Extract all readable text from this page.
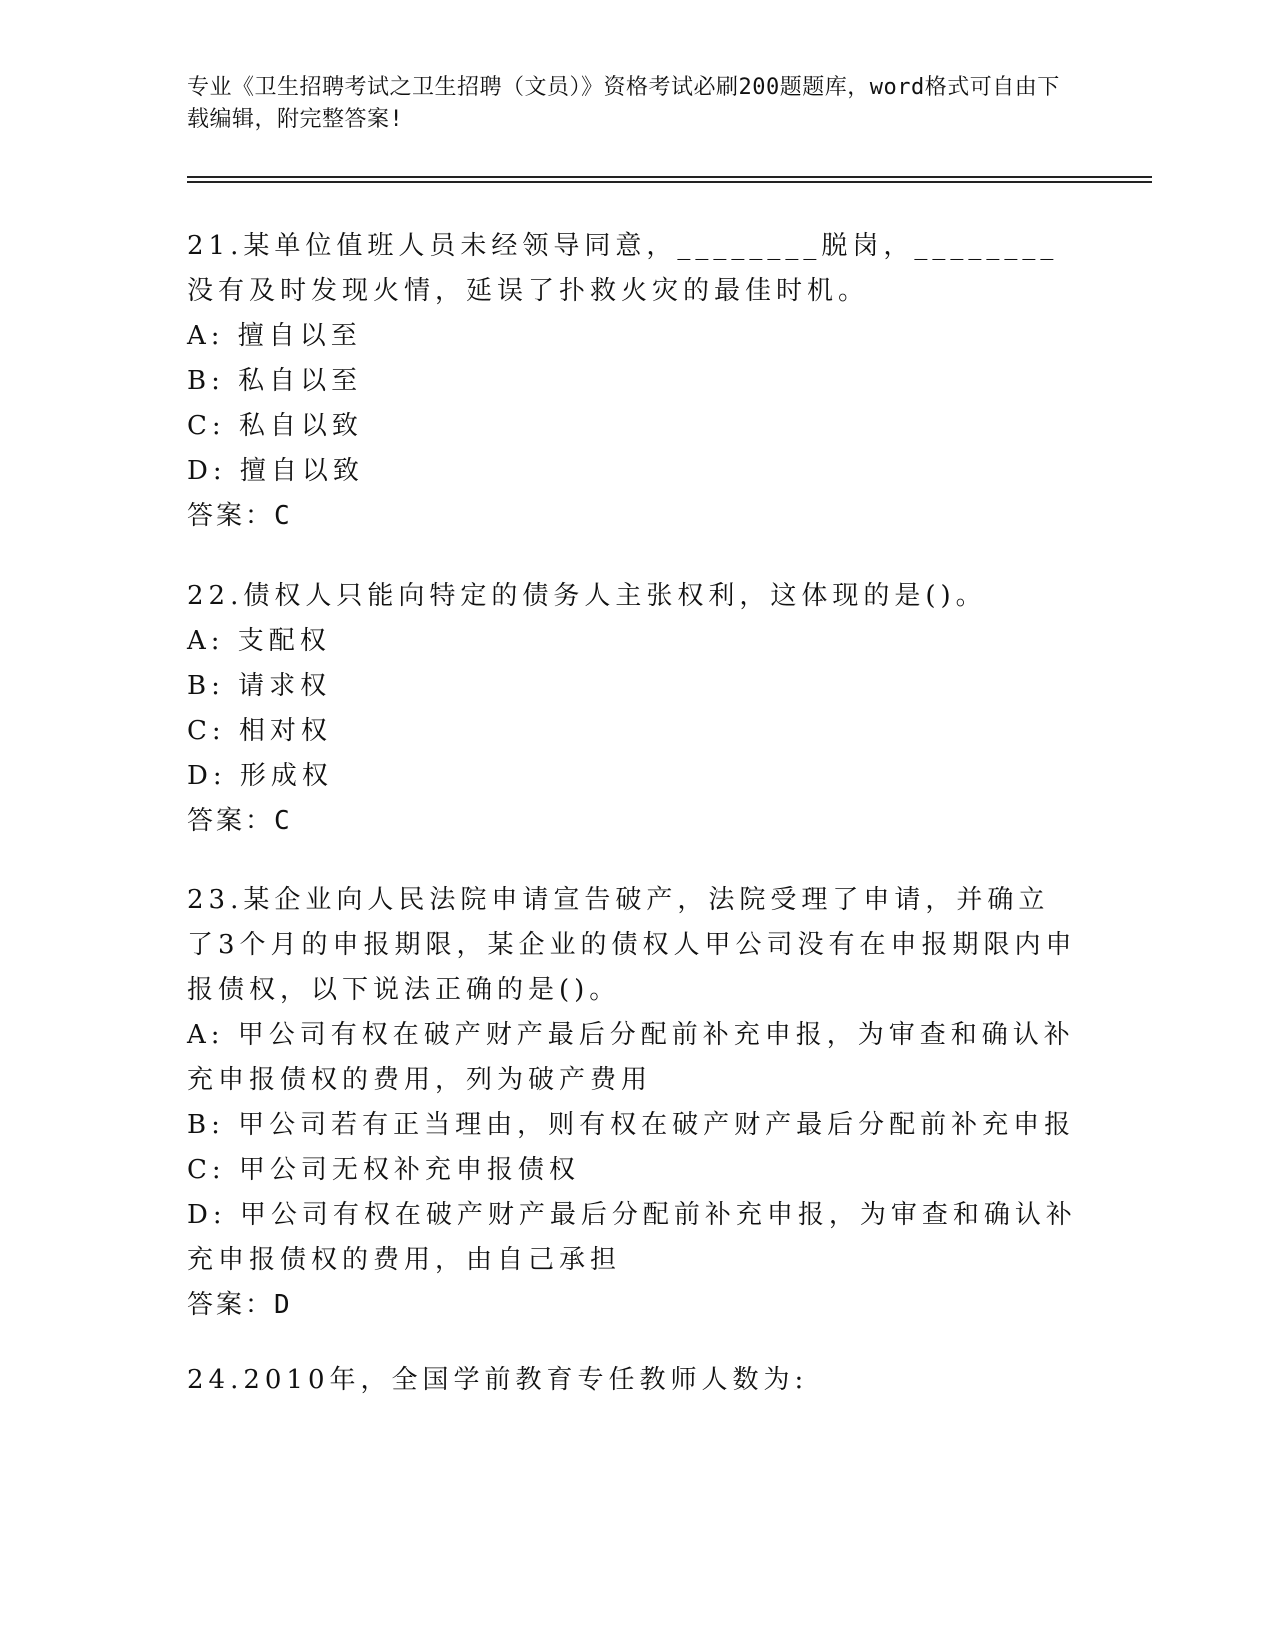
专业《卫生招聘考试之卫生招聘（文员）》资格考试必刷200题题库，word格式可自由下载编辑，附完整答案!
21.某单位值班人员未经领导同意，________脱岗，________没有及时发现火情，延误了扑救火灾的最佳时机。
A: 擅自以至
B: 私自以至
C: 私自以致
D: 擅自以致
答案：C
22.债权人只能向特定的债务人主张权利，这体现的是()。
A: 支配权
B: 请求权
C: 相对权
D: 形成权
答案：C
23.某企业向人民法院申请宣告破产，法院受理了申请，并确立了3个月的申报期限，某企业的债权人甲公司没有在申报期限内申报债权，以下说法正确的是()。
A: 甲公司有权在破产财产最后分配前补充申报，为审查和确认补充申报债权的费用，列为破产费用
B: 甲公司若有正当理由，则有权在破产财产最后分配前补充申报
C: 甲公司无权补充申报债权
D: 甲公司有权在破产财产最后分配前补充申报，为审查和确认补充申报债权的费用，由自己承担
答案：D
24.2010年，全国学前教育专任教师人数为:
